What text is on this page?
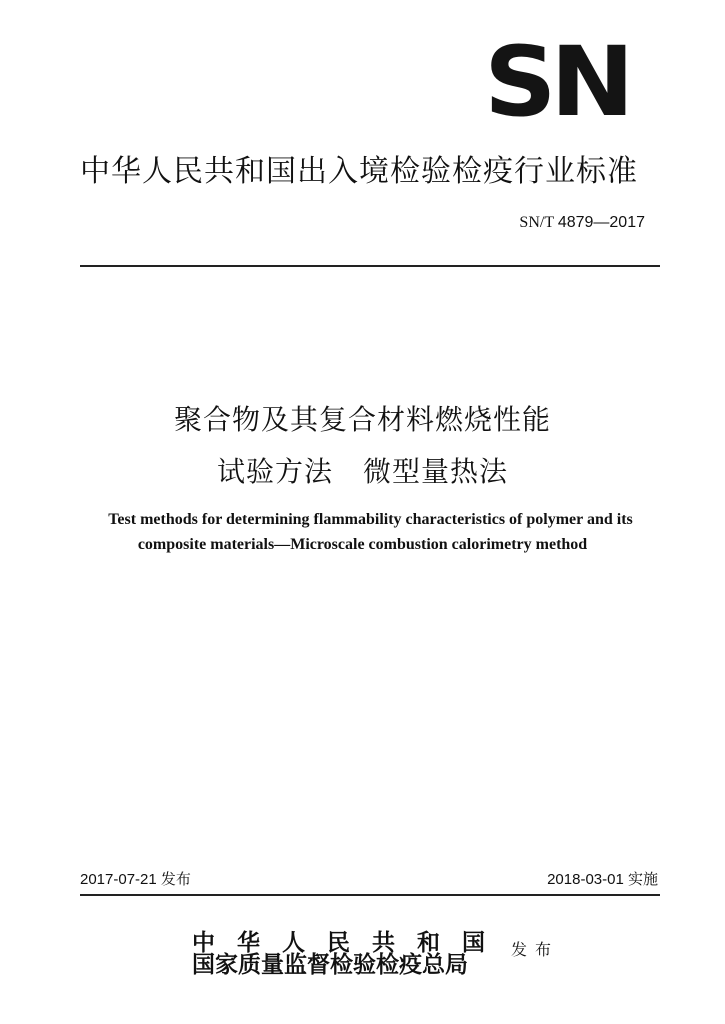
SN
中华人民共和国出入境检验检疫行业标准
SN/T 4879—2017
聚合物及其复合材料燃烧性能
试验方法 微型量热法
Test methods for determining flammability characteristics of polymer and its
composite materials—Microscale combustion calorimetry method
2017-07-21 发布	2018-03-01 实施
中华人民共和国
国家质量监督检验检疫总局
发布
